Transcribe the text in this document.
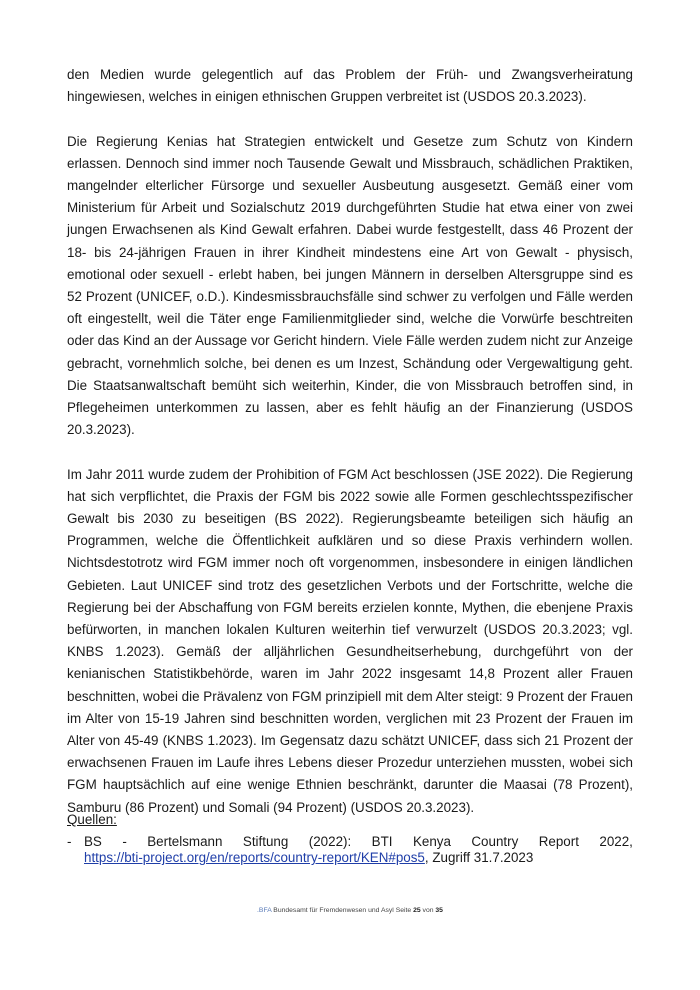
den Medien wurde gelegentlich auf das Problem der Früh- und Zwangsverheiratung hingewiesen, welches in einigen ethnischen Gruppen verbreitet ist (USDOS 20.3.2023).

Die Regierung Kenias hat Strategien entwickelt und Gesetze zum Schutz von Kindern erlassen. Dennoch sind immer noch Tausende Gewalt und Missbrauch, schädlichen Praktiken, mangelnder elterlicher Fürsorge und sexueller Ausbeutung ausgesetzt. Gemäß einer vom Ministerium für Arbeit und Sozialschutz 2019 durchgeführten Studie hat etwa einer von zwei jungen Erwachsenen als Kind Gewalt erfahren. Dabei wurde festgestellt, dass 46 Prozent der 18- bis 24-jährigen Frauen in ihrer Kindheit mindestens eine Art von Gewalt - physisch, emotional oder sexuell - erlebt haben, bei jungen Männern in derselben Altersgruppe sind es 52 Prozent (UNICEF, o.D.). Kindesmissbrauchsfälle sind schwer zu verfolgen und Fälle werden oft eingestellt, weil die Täter enge Familienmitglieder sind, welche die Vorwürfe beschtreiten oder das Kind an der Aussage vor Gericht hindern. Viele Fälle werden zudem nicht zur Anzeige gebracht, vornehmlich solche, bei denen es um Inzest, Schändung oder Vergewaltigung geht. Die Staatsanwaltschaft bemüht sich weiterhin, Kinder, die von Missbrauch betroffen sind, in Pflegeheimen unterkommen zu lassen, aber es fehlt häufig an der Finanzierung (USDOS 20.3.2023).

Im Jahr 2011 wurde zudem der Prohibition of FGM Act beschlossen (JSE 2022). Die Regierung hat sich verpflichtet, die Praxis der FGM bis 2022 sowie alle Formen geschlechtsspezifischer Gewalt bis 2030 zu beseitigen (BS 2022). Regierungsbeamte beteiligen sich häufig an Programmen, welche die Öffentlichkeit aufklären und so diese Praxis verhindern wollen. Nichtsdestotrotz wird FGM immer noch oft vorgenommen, insbesondere in einigen ländlichen Gebieten. Laut UNICEF sind trotz des gesetzlichen Verbots und der Fortschritte, welche die Regierung bei der Abschaffung von FGM bereits erzielen konnte, Mythen, die ebenjene Praxis befürworten, in manchen lokalen Kulturen weiterhin tief verwurzelt (USDOS 20.3.2023; vgl. KNBS 1.2023). Gemäß der alljährlichen Gesundheitserhebung, durchgeführt von der kenianischen Statistikbehörde, waren im Jahr 2022 insgesamt 14,8 Prozent aller Frauen beschnitten, wobei die Prävalenz von FGM prinzipiell mit dem Alter steigt: 9 Prozent der Frauen im Alter von 15-19 Jahren sind beschnitten worden, verglichen mit 23 Prozent der Frauen im Alter von 45-49 (KNBS 1.2023). Im Gegensatz dazu schätzt UNICEF, dass sich 21 Prozent der erwachsenen Frauen im Laufe ihres Lebens dieser Prozedur unterziehen mussten, wobei sich FGM hauptsächlich auf eine wenige Ethnien beschränkt, darunter die Maasai (78 Prozent), Samburu (86 Prozent) und Somali (94 Prozent) (USDOS 20.3.2023).

Quellen:
- BS - Bertelsmann Stiftung (2022): BTI Kenya Country Report 2022,
https://bti-project.org/en/reports/country-report/KEN#pos5, Zugriff 31.7.2023
.BFA Bundesamt für Fremdenwesen und Asyl Seite 25 von 35
